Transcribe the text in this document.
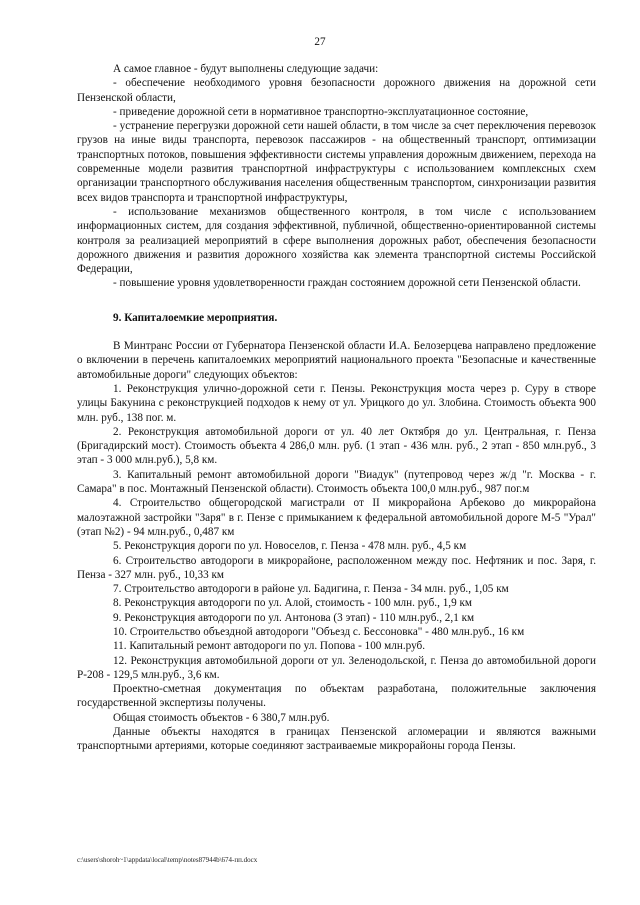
27

А самое главное - будут выполнены следующие задачи:

- обеспечение необходимого уровня безопасности дорожного движения на дорожной сети Пензенской области,

- приведение дорожной сети в нормативное транспортно-эксплуатационное состояние,

- устранение перегрузки дорожной сети нашей области, в том числе за счет переключения перевозок грузов на иные виды транспорта, перевозок пассажиров - на общественный транспорт, оптимизации транспортных потоков, повышения эффективности системы управления дорожным движением, перехода на современные модели развития транспортной инфраструктуры с использованием комплексных схем организации транспортного обслуживания населения общественным транспортом, синхронизации развития всех видов транспорта и транспортной инфраструктуры,

- использование механизмов общественного контроля, в том числе с использованием информационных систем, для создания эффективной, публичной, общественно-ориентированной системы контроля за реализацией мероприятий в сфере выполнения дорожных работ, обеспечения безопасности дорожного движения и развития дорожного хозяйства как элемента транспортной системы Российской Федерации,

- повышение уровня удовлетворенности граждан состоянием дорожной сети Пензенской области.

9. Капиталоемкие мероприятия.

В Минтранс России от Губернатора Пензенской области И.А. Белозерцева направлено предложение о включении в перечень капиталоемких мероприятий национального проекта "Безопасные и качественные автомобильные дороги" следующих объектов:

1. Реконструкция улично-дорожной сети г. Пензы. Реконструкция моста через р. Суру в створе улицы Бакунина с реконструкцией подходов к нему от ул. Урицкого до ул. Злобина. Стоимость объекта 900 млн. руб., 138 пог. м.

2. Реконструкция автомобильной дороги от ул. 40 лет Октября до ул. Центральная, г. Пенза (Бригадирский мост). Стоимость объекта 4 286,0 млн. руб. (1 этап - 436 млн. руб., 2 этап - 850 млн.руб., 3 этап - 3 000 млн.руб.), 5,8 км.

3. Капитальный ремонт автомобильной дороги "Виадук" (путепровод через ж/д "г. Москва - г. Самара" в пос. Монтажный Пензенской области). Стоимость объекта 100,0 млн.руб., 987 пог.м

4. Строительство общегородской магистрали от II микрорайона Арбеково до микрорайона малоэтажной застройки "Заря" в г. Пензе с примыканием к федеральной автомобильной дороге М-5 "Урал" (этап №2) - 94 млн.руб., 0,487 км

5. Реконструкция дороги по ул. Новоселов, г. Пенза - 478 млн. руб., 4,5 км

6. Строительство автодороги в микрорайоне, расположенном между пос. Нефтяник и пос. Заря, г. Пенза - 327 млн. руб., 10,33 км

7. Строительство автодороги в районе ул. Бадигина, г. Пенза - 34 млн. руб., 1,05 км

8. Реконструкция автодороги по ул. Алой, стоимость - 100 млн. руб., 1,9 км

9. Реконструкция автодороги по ул. Антонова (3 этап) - 110 млн.руб., 2,1 км

10. Строительство объездной автодороги "Объезд с. Бессоновка" - 480 млн.руб., 16 км

11. Капитальный ремонт автодороги по ул. Попова - 100 млн.руб.

12. Реконструкция автомобильной дороги от ул. Зеленодольской, г. Пенза до автомобильной дороги Р-208 - 129,5 млн.руб., 3,6 км.

Проектно-сметная документация по объектам разработана, положительные заключения государственной экспертизы получены.

Общая стоимость объектов - 6 380,7 млн.руб.

Данные объекты находятся в границах Пензенской агломерации и являются важными транспортными артериями, которые соединяют застраиваемые микрорайоны города Пензы.

c:\users\shoroh~1\appdata\local\temp\notes87944b\674-пп.docx
